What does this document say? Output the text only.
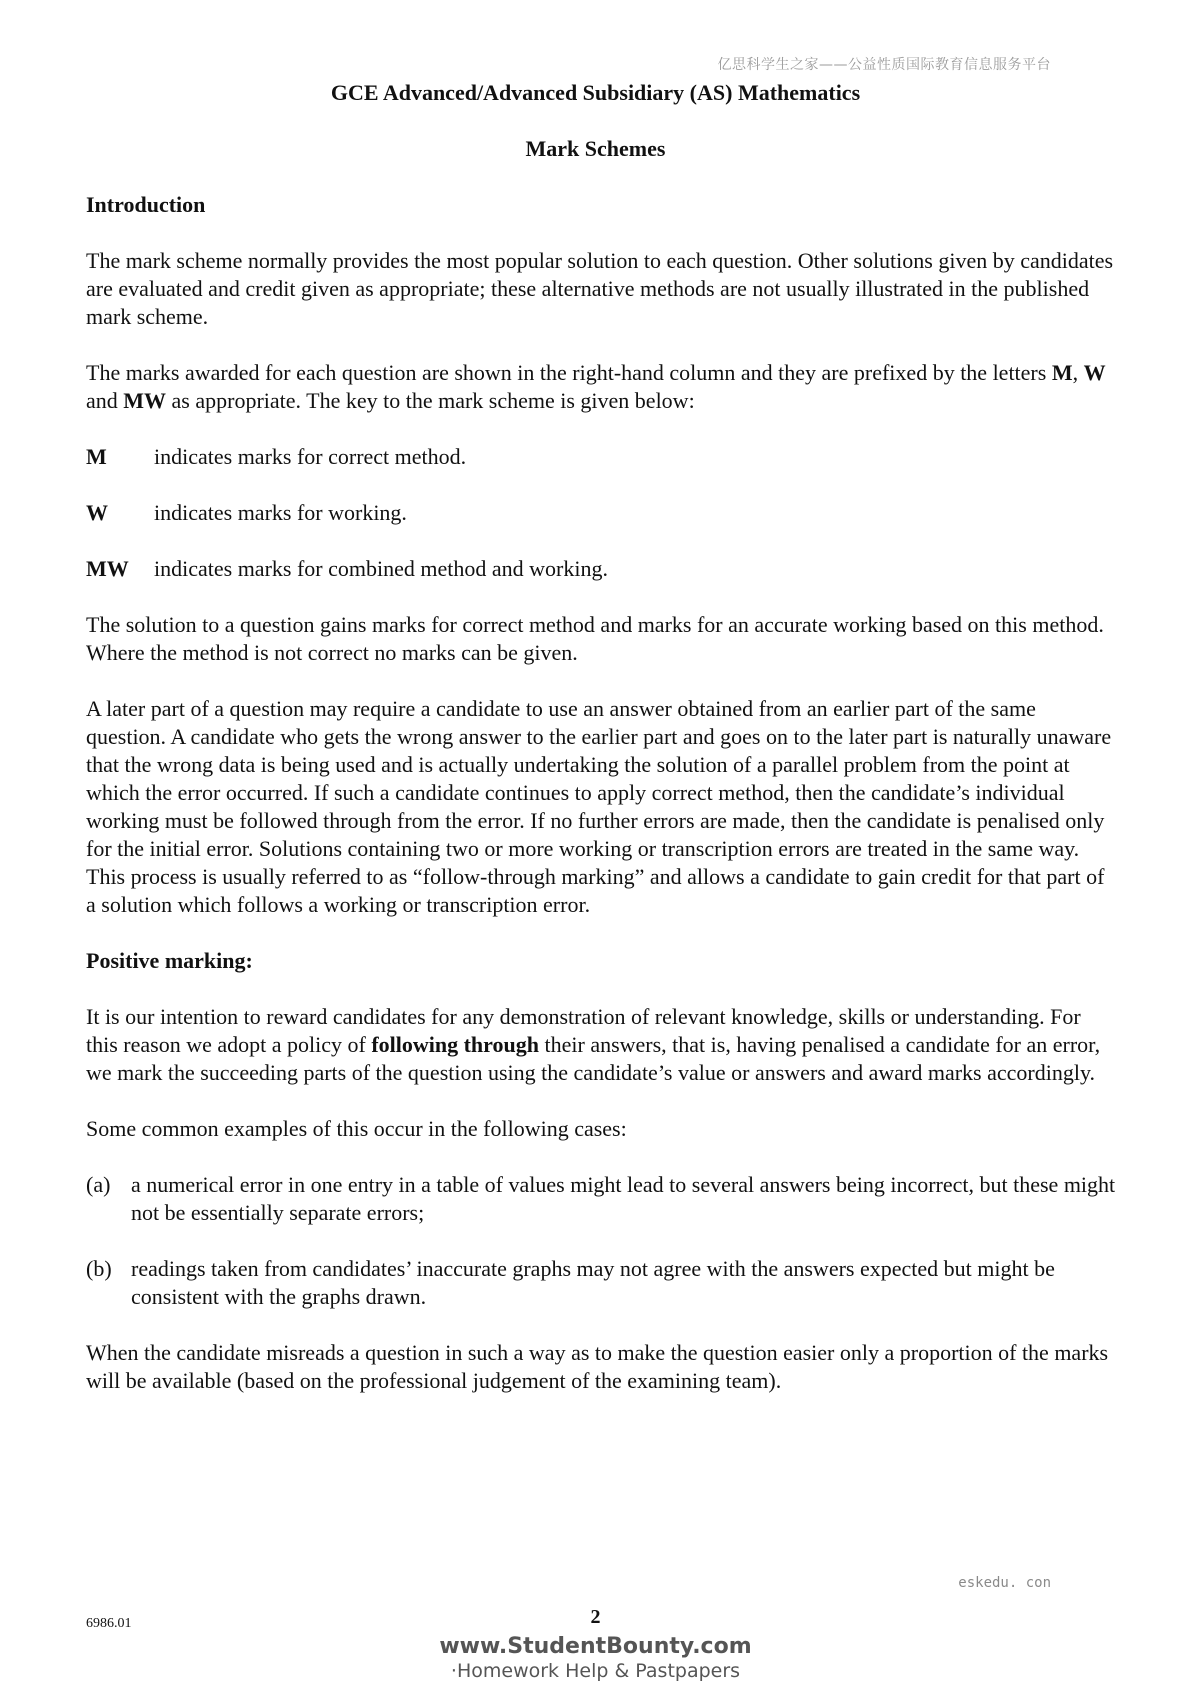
亿思科学生之家——公益性质国际教育信息服务平台
GCE Advanced/Advanced Subsidiary (AS) Mathematics
Mark Schemes
Introduction

The mark scheme normally provides the most popular solution to each question. Other solutions given by candidates are evaluated and credit given as appropriate; these alternative methods are not usually illustrated in the published mark scheme.

The marks awarded for each question are shown in the right-hand column and they are prefixed by the letters M, W and MW as appropriate. The key to the mark scheme is given below:

M	indicates marks for correct method.
W	indicates marks for working.
MW	indicates marks for combined method and working.

The solution to a question gains marks for correct method and marks for an accurate working based on this method. Where the method is not correct no marks can be given.

A later part of a question may require a candidate to use an answer obtained from an earlier part of the same question. A candidate who gets the wrong answer to the earlier part and goes on to the later part is naturally unaware that the wrong data is being used and is actually undertaking the solution of a parallel problem from the point at which the error occurred. If such a candidate continues to apply correct method, then the candidate’s individual working must be followed through from the error. If no further errors are made, then the candidate is penalised only for the initial error. Solutions containing two or more working or transcription errors are treated in the same way. This process is usually referred to as “follow-through marking” and allows a candidate to gain credit for that part of a solution which follows a working or transcription error.

Positive marking:

It is our intention to reward candidates for any demonstration of relevant knowledge, skills or understanding. For this reason we adopt a policy of following through their answers, that is, having penalised a candidate for an error, we mark the succeeding parts of the question using the candidate’s value or answers and award marks accordingly.

Some common examples of this occur in the following cases:

(a) a numerical error in one entry in a table of values might lead to several answers being incorrect, but these might not be essentially separate errors;
(b) readings taken from candidates’ inaccurate graphs may not agree with the answers expected but might be consistent with the graphs drawn.

When the candidate misreads a question in such a way as to make the question easier only a proportion of the marks will be available (based on the professional judgement of the examining team).

eskedu. con
6986.01	2
www.StudentBounty.com
·Homework Help & Pastpapers
